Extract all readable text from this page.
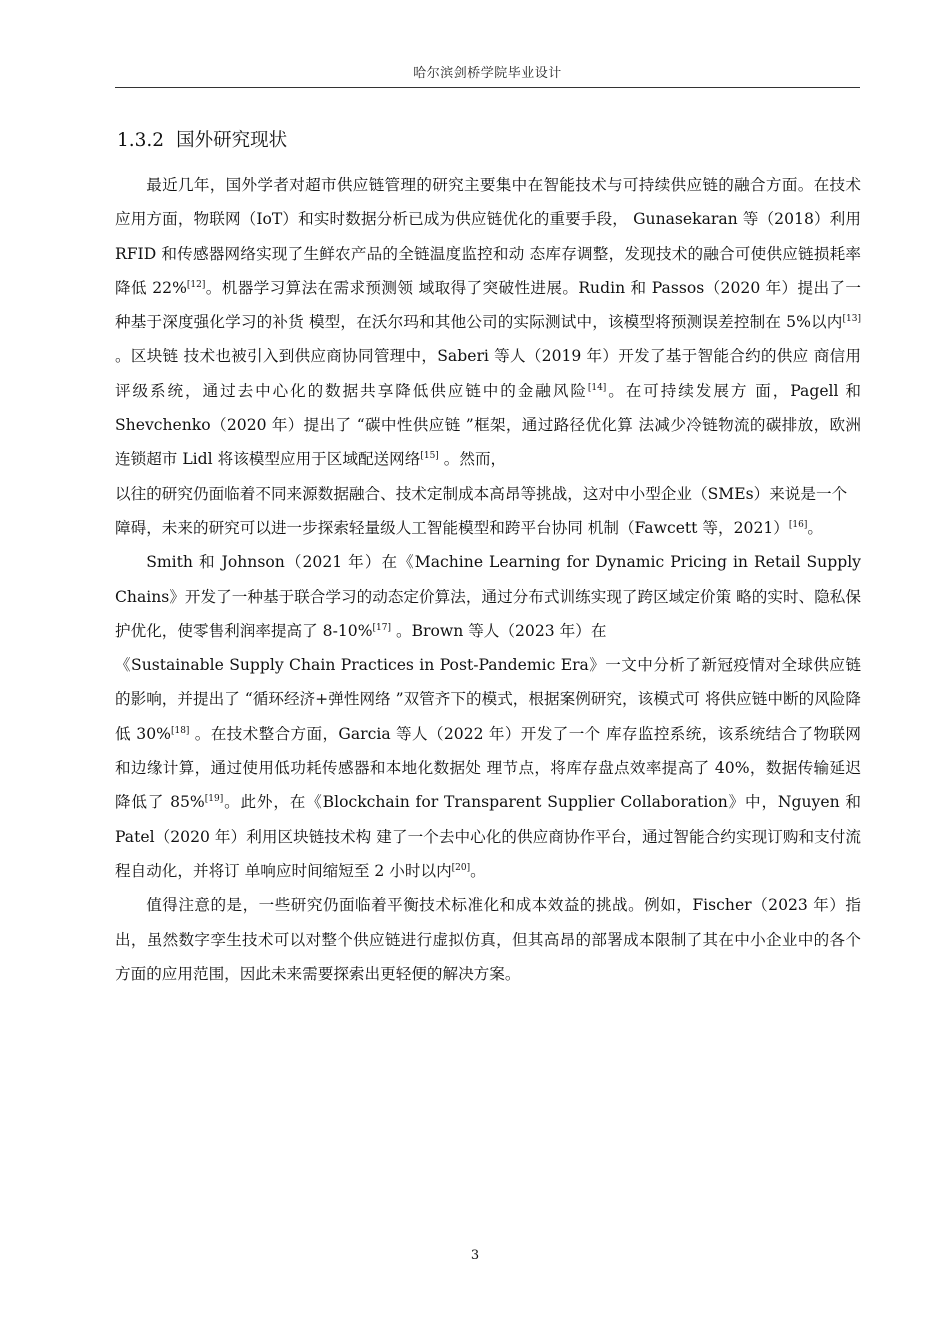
哈尔滨剑桥学院毕业设计
1.3.2 国外研究现状

最近几年，国外学者对超市供应链管理的研究主要集中在智能技术与可持续供应链的融合方面。在技术应用方面，物联网（IoT）和实时数据分析已成为供应链优化的重要手段， Gunasekaran 等（2018）利用 RFID 和传感器网络实现了生鲜农产品的全链温度监控和动 态库存调整，发现技术的融合可使供应链损耗率降低 22%[12]。机器学习算法在需求预测领 域取得了突破性进展。Rudin 和 Passos（2020 年）提出了一种基于深度强化学习的补货 模型，在沃尔玛和其他公司的实际测试中，该模型将预测误差控制在 5%以内[13] 。区块链 技术也被引入到供应商协同管理中，Saberi 等人（2019 年）开发了基于智能合约的供应 商信用评级系统，通过去中心化的数据共享降低供应链中的金融风险[14]。在可持续发展方 面，Pagell 和 Shevchenko（2020 年）提出了 “碳中性供应链 ”框架，通过路径优化算 法减少冷链物流的碳排放，欧洲连锁超市 Lidl 将该模型应用于区域配送网络[15] 。然而，

以往的研究仍面临着不同来源数据融合、技术定制成本高昂等挑战，这对中小型企业（SMEs）来说是一个障碍，未来的研究可以进一步探索轻量级人工智能模型和跨平台协同 机制（Fawcett 等，2021）[16]。

Smith 和 Johnson（2021 年）在《Machine Learning for Dynamic Pricing in Retail Supply Chains》开发了一种基于联合学习的动态定价算法，通过分布式训练实现了跨区域定价策 略的实时、隐私保护优化，使零售利润率提高了 8-10%[17] 。Brown 等人（2023 年）在

《Sustainable Supply Chain Practices in Post-Pandemic Era》一文中分析了新冠疫情对全球供应链的影响，并提出了 “循环经济+弹性网络 ”双管齐下的模式，根据案例研究，该模式可 将供应链中断的风险降低 30%[18] 。在技术整合方面，Garcia 等人（2022 年）开发了一个 库存监控系统，该系统结合了物联网和边缘计算，通过使用低功耗传感器和本地化数据处 理节点，将库存盘点效率提高了 40%，数据传输延迟降低了 85%[19]。此外，在《Blockchain for Transparent Supplier Collaboration》中，Nguyen 和 Patel（2020 年）利用区块链技术构 建了一个去中心化的供应商协作平台，通过智能合约实现订购和支付流程自动化，并将订 单响应时间缩短至 2 小时以内[20]。

值得注意的是，一些研究仍面临着平衡技术标准化和成本效益的挑战。例如，Fischer（2023 年）指出，虽然数字孪生技术可以对整个供应链进行虚拟仿真，但其高昂的部署成本限制了其在中小企业中的各个方面的应用范围，因此未来需要探索出更轻便的解决方案。

3
